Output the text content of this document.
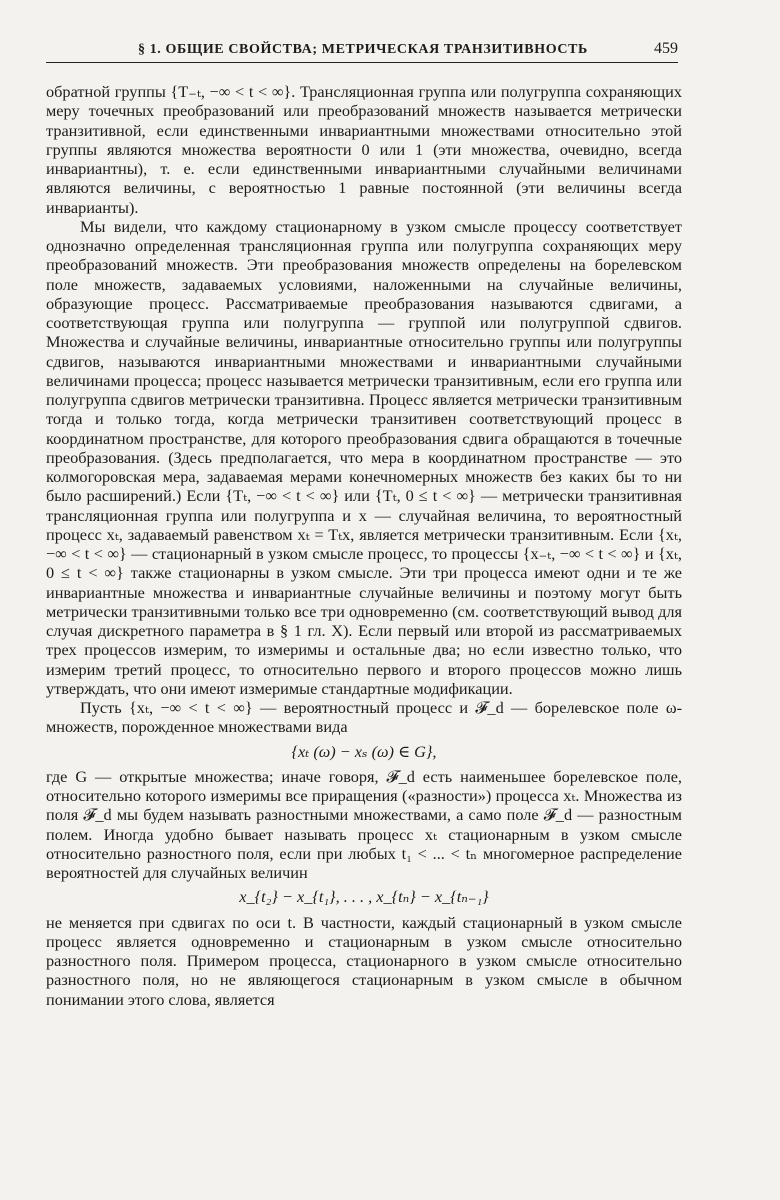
§ 1. ОБЩИЕ СВОЙСТВА; МЕТРИЧЕСКАЯ ТРАНЗИТИВНОСТЬ	459

обратной группы {T₋ₜ, −∞ < t < ∞}. Трансляционная группа или полугруппа сохраняющих меру точечных преобразований или преобразований множеств называется метрически транзитивной, если единственными инвариантными множествами относительно этой группы являются множества вероятности 0 или 1 (эти множества, очевидно, всегда инвариантны), т. е. если единственными инвариантными случайными величинами являются величины, с вероятностью 1 равные постоянной (эти величины всегда инварианты).

Мы видели, что каждому стационарному в узком смысле процессу соответствует однозначно определенная трансляционная группа или полугруппа сохраняющих меру преобразований множеств. Эти преобразования множеств определены на борелевском поле множеств, задаваемых условиями, наложенными на случайные величины, образующие процесс. Рассматриваемые преобразования называются сдвигами, а соответствующая группа или полугруппа — группой или полугруппой сдвигов. Множества и случайные величины, инвариантные относительно группы или полугруппы сдвигов, называются инвариантными множествами и инвариантными случайными величинами процесса; процесс называется метрически транзитивным, если его группа или полугруппа сдвигов метрически транзитивна. Процесс является метрически транзитивным тогда и только тогда, когда метрически транзитивен соответствующий процесс в координатном пространстве, для которого преобразования сдвига обращаются в точечные преобразования. (Здесь предполагается, что мера в координатном пространстве — это колмогоровская мера, задаваемая мерами конечномерных множеств без каких бы то ни было расширений.) Если {Tₜ, −∞ < t < ∞} или {Tₜ, 0 ≤ t < ∞} — метрически транзитивная трансляционная группа или полугруппа и x — случайная величина, то вероятностный процесс xₜ, задаваемый равенством xₜ = Tₜx, является метрически транзитивным. Если {xₜ, −∞ < t < ∞} — стационарный в узком смысле процесс, то процессы {x₋ₜ, −∞ < t < ∞} и {xₜ, 0 ≤ t < ∞} также стационарны в узком смысле. Эти три процесса имеют одни и те же инвариантные множества и инвариантные случайные величины и поэтому могут быть метрически транзитивными только все три одновременно (см. соответствующий вывод для случая дискретного параметра в § 1 гл. X). Если первый или второй из рассматриваемых трех процессов измерим, то измеримы и остальные два; но если известно только, что измерим третий процесс, то относительно первого и второго процессов можно лишь утверждать, что они имеют измеримые стандартные модификации.

Пусть {xₜ, −∞ < t < ∞} — вероятностный процесс и 𝓕_d — борелевское поле ω-множеств, порожденное множествами вида

{xₜ (ω) − xₛ (ω) ∈ G},

где G — открытые множества; иначе говоря, 𝓕_d есть наименьшее борелевское поле, относительно которого измеримы все приращения («разности») процесса xₜ. Множества из поля 𝓕_d мы будем называть разностными множествами, а само поле 𝓕_d — разностным полем. Иногда удобно бывает называть процесс xₜ стационарным в узком смысле относительно разностного поля, если при любых t₁ < ... < tₙ многомерное распределение вероятностей для случайных величин

x_{t₂} − x_{t₁}, . . . , x_{tₙ} − x_{tₙ₋₁}

не меняется при сдвигах по оси t. В частности, каждый стационарный в узком смысле процесс является одновременно и стационарным в узком смысле относительно разностного поля. Примером процесса, стационарного в узком смысле относительно разностного поля, но не являющегося стационарным в узком смысле в обычном понимании этого слова, является
